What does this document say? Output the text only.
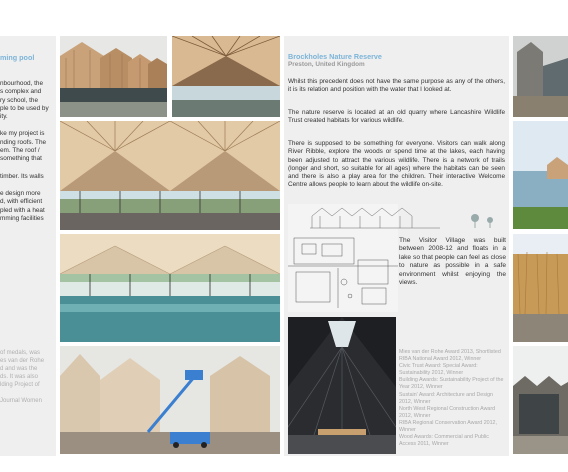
ming pool
nbourhood, the
s complex and
ry school, the
ple to be used by
ity.
ke my project is
nding roofs. The
em. The roof /
something that
timber. Its walls
e design more
d, with efficient
pled with a heat
mming facilities
of medals, was
es van der Rohe
d and was the
ds. It was also
lding Project of
Journal Women
Brockholes Nature Reserve
Preston, United Kingdom
Whilst this precedent does not have the same purpose as any of the others, it is its relation and position with the water that I looked at.
The nature reserve is located at an old quarry where Lancashire Wildlife Trust created habitats for various wildlife.
There is supposed to be something for everyone. Visitors can walk along River Ribble, explore the woods or spend time at the lakes, each having been adjusted to attract the various wildlife. There is a network of trails (longer and short, so suitable for all ages) where the habitats can be seen and there is also a play area for the children. Their interactive Welcome Centre allows people to learn about the wildlife on-site.
The Visitor Village was built between 2008-12 and floats in a lake so that people can feel as close to nature as possible in a safe environment whilst enjoying the views.
Mies van der Rohe Award 2013, Shortlisted
RIBA National Award 2012, Winner
Civic Trust Award: Special Award: Sustainability 2012, Winner
Building Awards: Sustainability Project of the Year 2012, Winner
Sustain' Award: Architecture and Design 2012, Winner
North West Regional Construction Award 2012, Winner
RIBA Regional Conservation Award 2012, Winner
Wood Awards: Commercial and Public Access 2011, Winner
